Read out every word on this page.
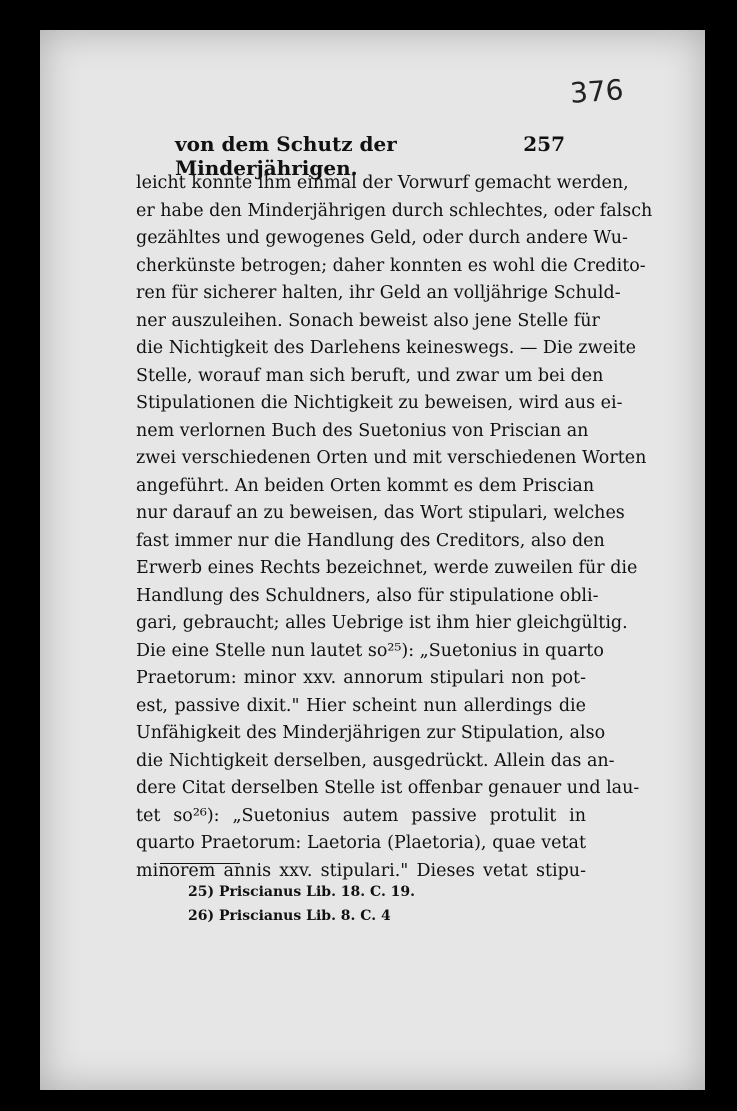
376
von dem Schutz der Minderjährigen.
257
leicht konnte ihm einmal der Vorwurf gemacht werden,
er habe den Minderjährigen durch schlechtes, oder falsch
gezähltes und gewogenes Geld, oder durch andere Wu-
cherkünste betrogen; daher konnten es wohl die Credito-
ren für sicherer halten, ihr Geld an volljährige Schuld-
ner auszuleihen. Sonach beweist also jene Stelle für
die Nichtigkeit des Darlehens keineswegs. — Die zweite
Stelle, worauf man sich beruft, und zwar um bei den
Stipulationen die Nichtigkeit zu beweisen, wird aus ei-
nem verlornen Buch des Suetonius von Priscian an
zwei verschiedenen Orten und mit verschiedenen Worten
angeführt. An beiden Orten kommt es dem Priscian
nur darauf an zu beweisen, das Wort stipulari, welches
fast immer nur die Handlung des Creditors, also den
Erwerb eines Rechts bezeichnet, werde zuweilen für die
Handlung des Schuldners, also für stipulatione obli-
gari, gebraucht; alles Uebrige ist ihm hier gleichgültig.
Die eine Stelle nun lautet so²⁵): „Suetonius in quarto
Praetorum: minor xxv. annorum stipulari non pot-
est, passive dixit." Hier scheint nun allerdings die
Unfähigkeit des Minderjährigen zur Stipulation, also
die Nichtigkeit derselben, ausgedrückt. Allein das an-
dere Citat derselben Stelle ist offenbar genauer und lau-
tet so²⁶): „Suetonius autem passive protulit in
quarto Praetorum: Laetoria (Plaetoria), quae vetat
minorem annis xxv. stipulari." Dieses vetat stipu-
25) Priscianus Lib. 18. C. 19.
26) Priscianus Lib. 8. C. 4
